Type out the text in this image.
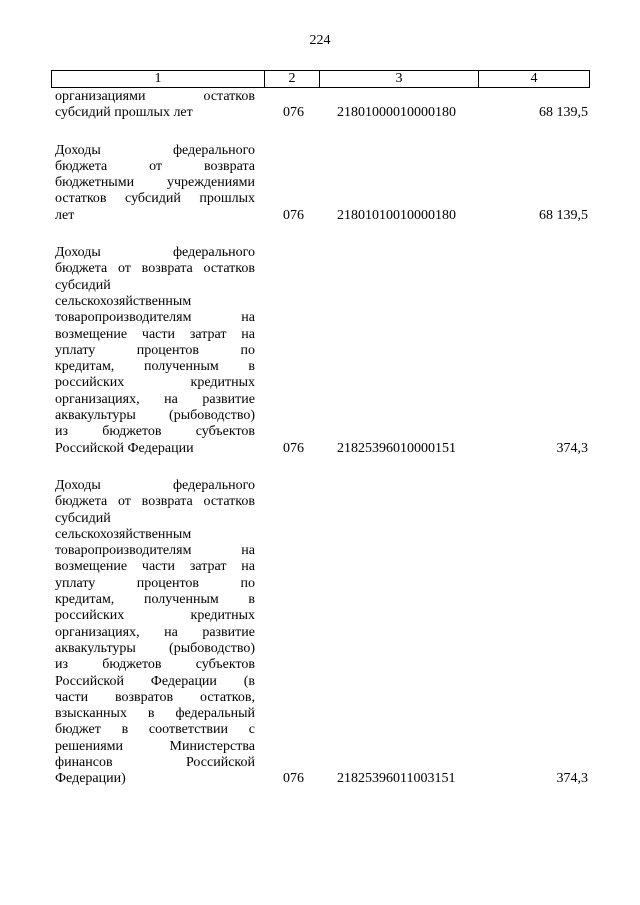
224
1	2	3	4
организациями остатков
субсидий прошлых лет	076	21801000010000180	68 139,5
Доходы федерального
бюджета от возврата
бюджетными учреждениями
остатков субсидий прошлых
лет	076	21801010010000180	68 139,5
Доходы федерального
бюджета от возврата остатков
субсидий
сельскохозяйственным
товаропроизводителям на
возмещение части затрат на
уплату процентов по
кредитам, полученным в
российских кредитных
организациях, на развитие
аквакультуры (рыбоводство)
из бюджетов субъектов
Российской Федерации	076	21825396010000151	374,3
Доходы федерального
бюджета от возврата остатков
субсидий
сельскохозяйственным
товаропроизводителям на
возмещение части затрат на
уплату процентов по
кредитам, полученным в
российских кредитных
организациях, на развитие
аквакультуры (рыбоводство)
из бюджетов субъектов
Российской Федерации (в
части возвратов остатков,
взысканных в федеральный
бюджет в соответствии с
решениями Министерства
финансов Российской
Федерации)	076	21825396011003151	374,3
